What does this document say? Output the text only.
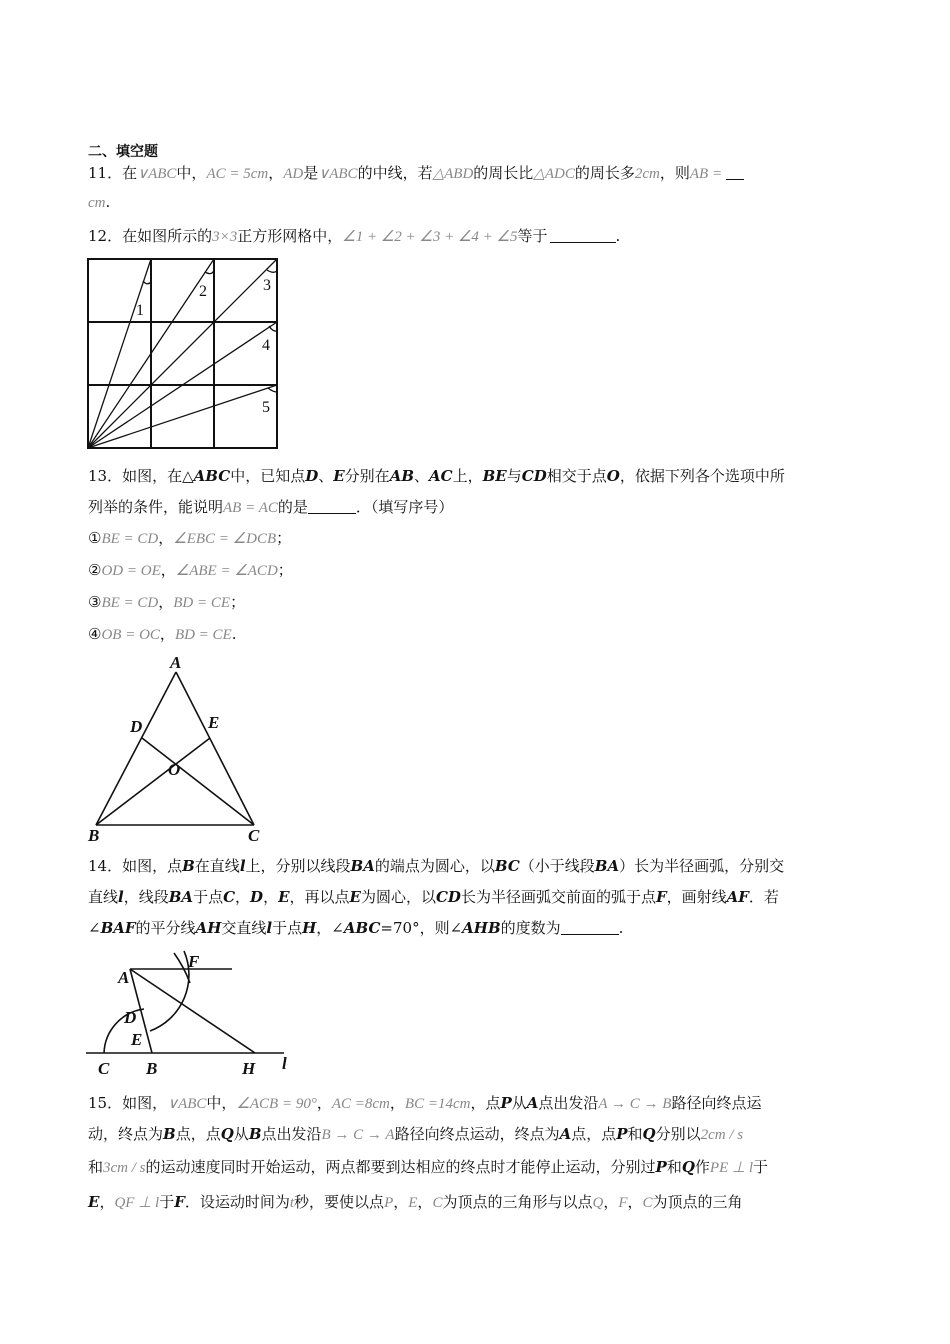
二、填空题
11．在∨ABC中，AC = 5cm，AD是∨ABC的中线，若△ABD的周长比△ADC的周长多2cm，则AB =
cm.
12．在如图所示的3×3正方形网格中，∠1 + ∠2 + ∠3 + ∠4 + ∠5等于	.
1
2	3
4
5
13．如图，在△ABC中，已知点D、E分别在AB、AC上，BE与CD相交于点O，依据下列各个选项中所
列举的条件，能说明AB = AC的是	．（填写序号）
①BE = CD，∠EBC = ∠DCB；
②OD = OE，∠ABE = ∠ACD；
③BE = CD，BD = CE；
④OB = OC，BD = CE.
A
D	E
O
B	C
14．如图，点B在直线l上，分别以线段BA的端点为圆心，以BC（小于线段BA）长为半径画弧，分别交
直线l，线段BA于点C，D，E，再以点E为圆心，以CD长为半径画弧交前面的弧于点F，画射线AF．若
∠BAF的平分线AH交直线l于点H，∠ABC=70°，则∠AHB的度数为	.
A
F
D
E
C B	H l
15．如图，∨ABC中，∠ACB = 90°，AC =8cm，BC =14cm，点P从A点出发沿A → C → B路径向终点运
动，终点为B点，点Q从B点出发沿B → C → A路径向终点运动，终点为A点，点P和Q分别以2cm / s
和3cm / s的运动速度同时开始运动，两点都要到达相应的终点时才能停止运动，分别过P和Q作PE ⊥ l于
E，QF ⊥ l于F．设运动时间为t秒，要使以点P，E，C为顶点的三角形与以点Q，F，C为顶点的三角
